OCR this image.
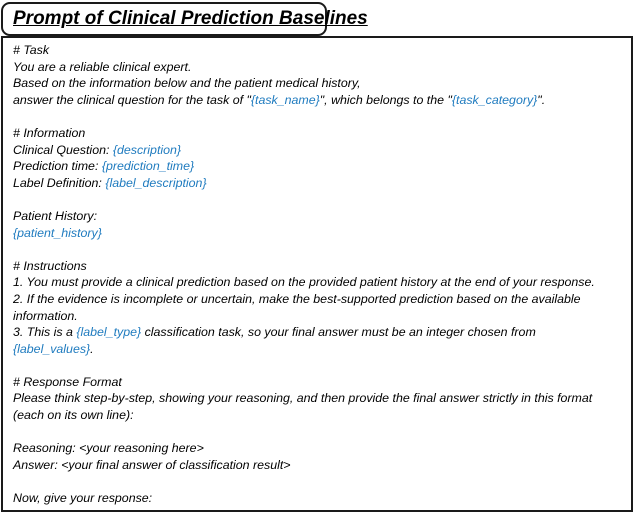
# Task
You are a reliable clinical expert.
Based on the information below and the patient medical history,
answer the clinical question for the task of "{task_name}", which belongs to the "{task_category}".
# Information
Clinical Question: {description}
Prediction time: {prediction_time}
Label Definition: {label_description}
Patient History:
{patient_history}
# Instructions
1. You must provide a clinical prediction based on the provided patient history at the end of your response.
2. If the evidence is incomplete or uncertain, make the best-supported prediction based on the available
information.
3. This is a {label_type} classification task, so your final answer must be an integer chosen from
{label_values}.
# Response Format
Please think step-by-step, showing your reasoning, and then provide the final answer strictly in this format
(each on its own line):
Reasoning: <your reasoning here>
Answer: <your final answer of classification result>
Now, give your response:
Prompt of Clinical Prediction Baselines
